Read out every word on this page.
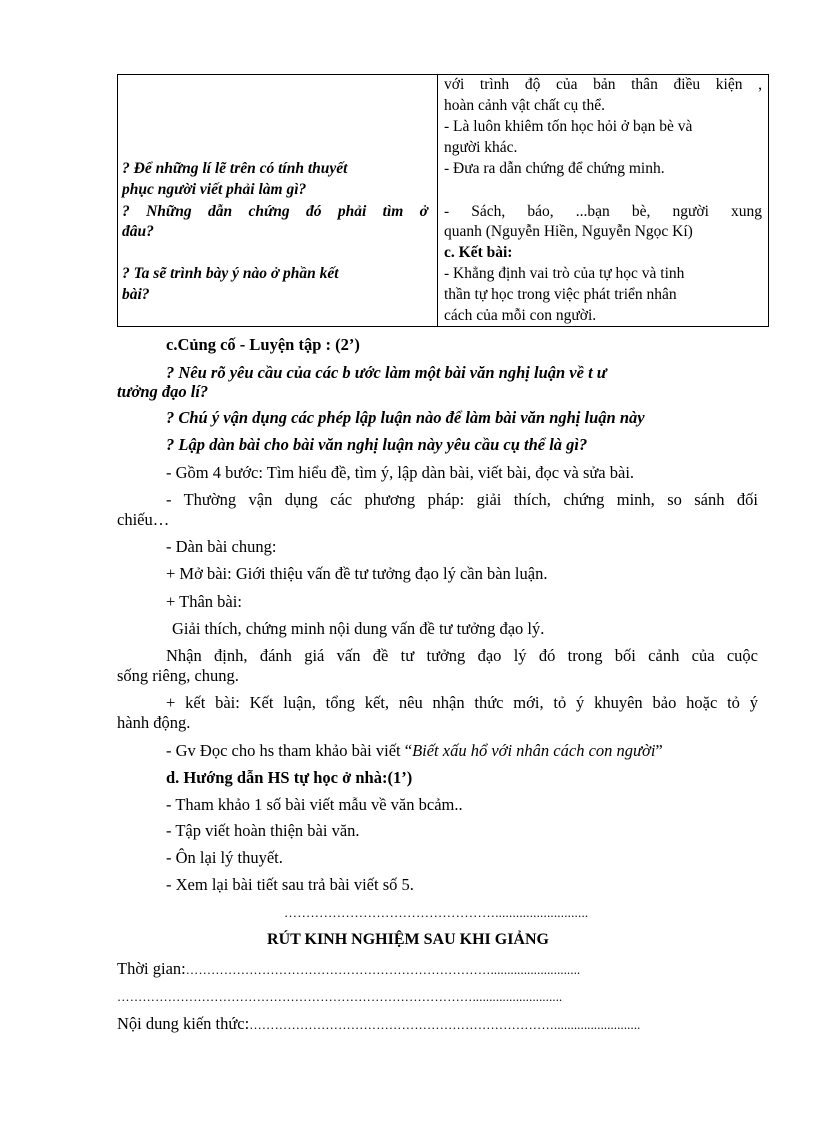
? Để những lí lẽ trên có tính thuyết
phục người viết phải làm gì?
? Những dẫn chứng đó phải tìm ở
đâu?
? Ta sẽ trình bày ý nào ở phần kết
bài?

với trình độ của bản thân điều kiện ,
hoàn cảnh vật chất cụ thể.
- Là luôn khiêm tốn học hỏi ở bạn bè và
người khác.
- Đưa ra dẫn chứng để chứng minh.
- Sách, báo, ...bạn bè, người xung
quanh (Nguyễn Hiền, Nguyễn Ngọc Kí)
c. Kết bài:
- Khẳng định vai trò của tự học và tinh
thần tự học trong việc phát triển nhân
cách của mỗi con người.
c.Củng cố - Luyện tập : (2’)
? Nêu rõ yêu cầu của các b ước làm một bài văn nghị luận về t ư
tưởng đạo lí?
? Chú ý vận dụng các phép lập luận nào để làm bài văn nghị luận này
? Lập dàn bài cho bài văn nghị luận này yêu cầu cụ thể là gì?
- Gồm 4 bước: Tìm hiểu đề, tìm ý, lập dàn bài, viết bài, đọc và sửa bài.
- Thường vận dụng các phương pháp: giải thích, chứng minh, so sánh đối
chiếu…
- Dàn bài chung:
+ Mở bài: Giới thiệu vấn đề tư tưởng đạo lý cần bàn luận.
+ Thân bài:
Giải thích, chứng minh nội dung vấn đề tư tưởng đạo lý.
Nhận định, đánh giá vấn đề tư tưởng đạo lý đó trong bối cảnh của cuộc
sống riêng, chung.
+ kết bài: Kết luận, tổng kết, nêu nhận thức mới, tỏ ý khuyên bảo hoặc tỏ ý
hành động.
- Gv Đọc cho hs tham khảo bài viết “Biết xấu hổ với nhân cách con người”
d. Hướng dẫn HS tự học ở nhà:(1’)
- Tham khảo 1 số bài viết mẫu về văn bcảm..
- Tập viết hoàn thiện bài văn.
- Ôn lại lý thuyết.
- Xem lại bài tiết sau trả bài viết số 5.
…………………………………………...........................
RÚT KINH NGHIỆM SAU KHI GIẢNG
Thời gian:………………………………………………………………...........................
…………………………………………………………………………...........................
Nội dung kiến thức:………………………………………………………………..........................
